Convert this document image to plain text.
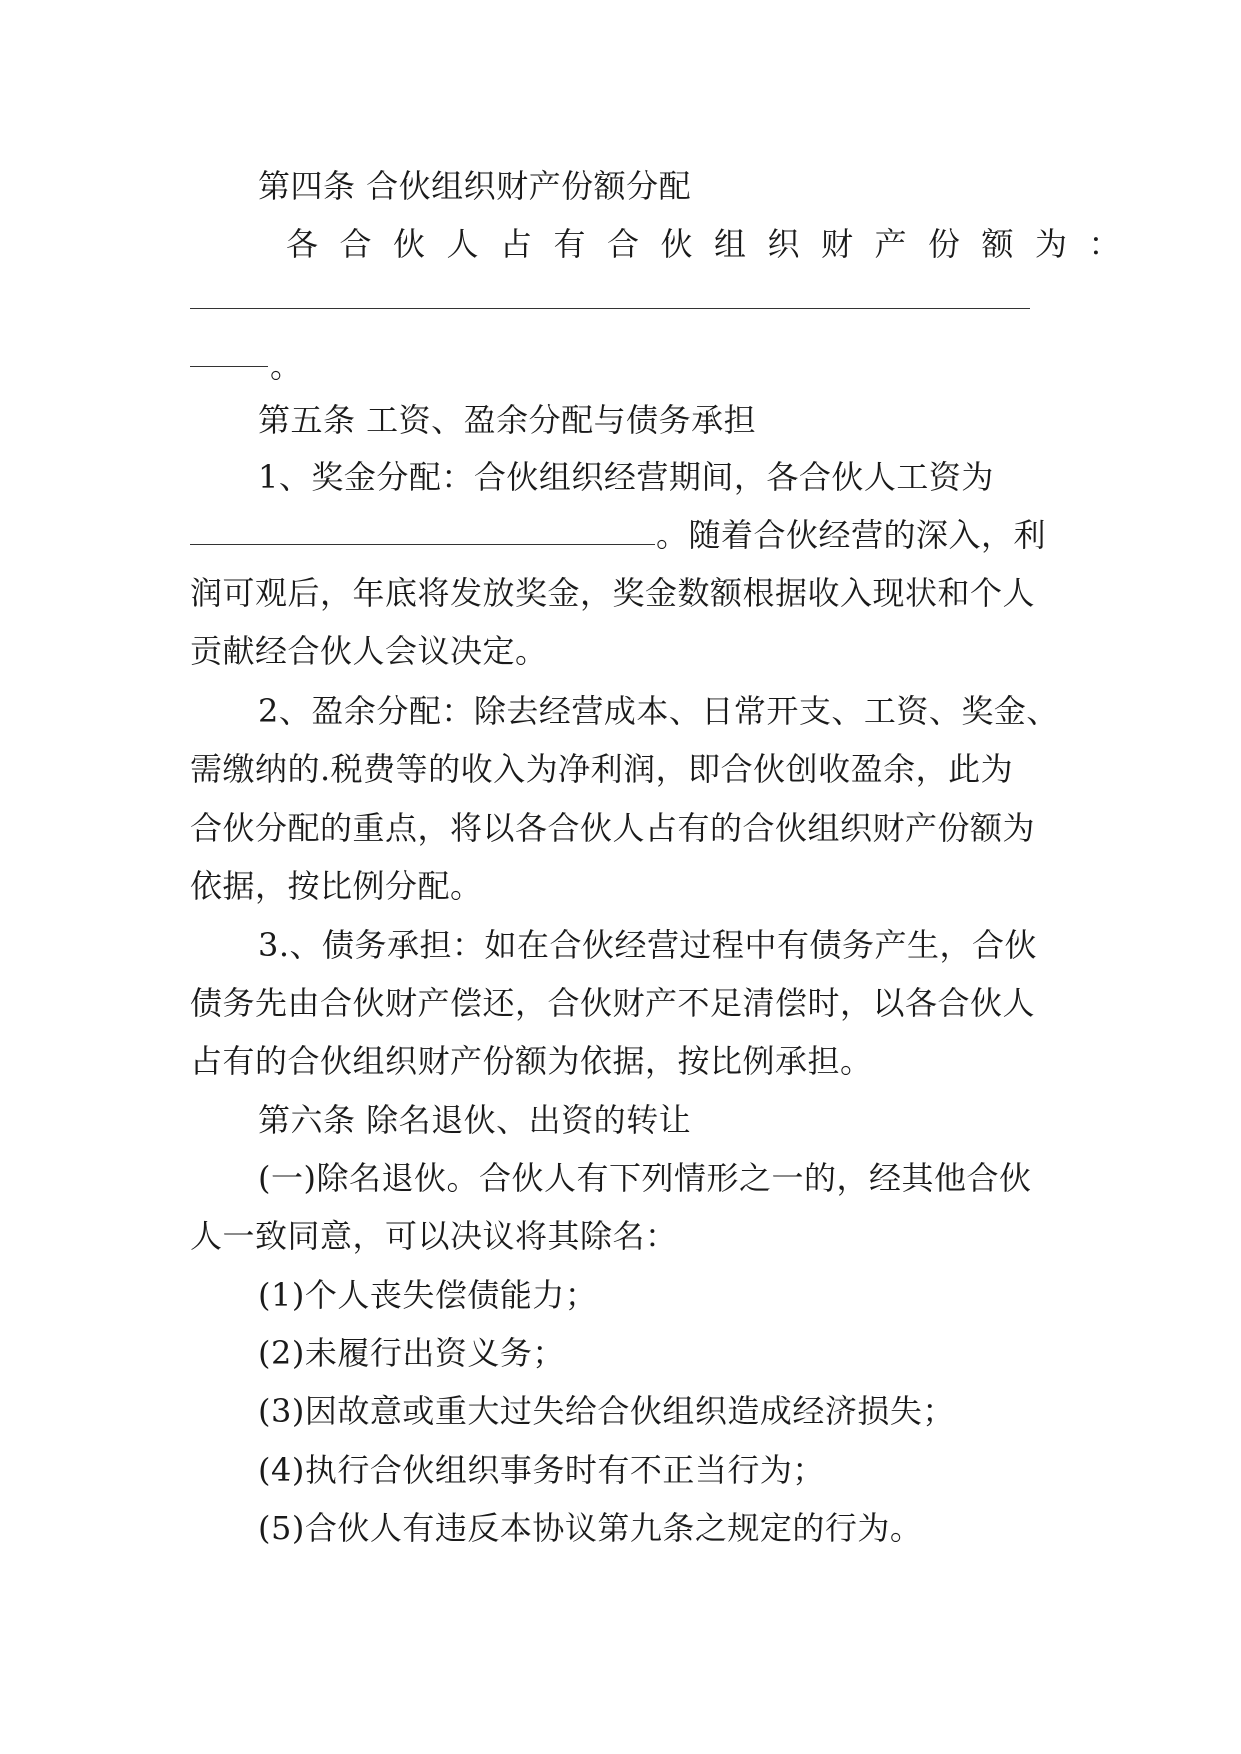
第四条 合伙组织财产份额分配
各合伙人占有合伙组织财产份额为：
。
第五条 工资、盈余分配与债务承担
1、奖金分配：合伙组织经营期间，各合伙人工资为
。随着合伙经营的深入，利
润可观后，年底将发放奖金，奖金数额根据收入现状和个人
贡献经合伙人会议决定。
2、盈余分配：除去经营成本、日常开支、工资、奖金、
需缴纳的.税费等的收入为净利润，即合伙创收盈余，此为
合伙分配的重点，将以各合伙人占有的合伙组织财产份额为
依据，按比例分配。
3.、债务承担：如在合伙经营过程中有债务产生，合伙
债务先由合伙财产偿还，合伙财产不足清偿时，以各合伙人
占有的合伙组织财产份额为依据，按比例承担。
第六条 除名退伙、出资的转让
(一)除名退伙。合伙人有下列情形之一的，经其他合伙
人一致同意，可以决议将其除名：
(1)个人丧失偿债能力；
(2)未履行出资义务；
(3)因故意或重大过失给合伙组织造成经济损失；
(4)执行合伙组织事务时有不正当行为；
(5)合伙人有违反本协议第九条之规定的行为。
